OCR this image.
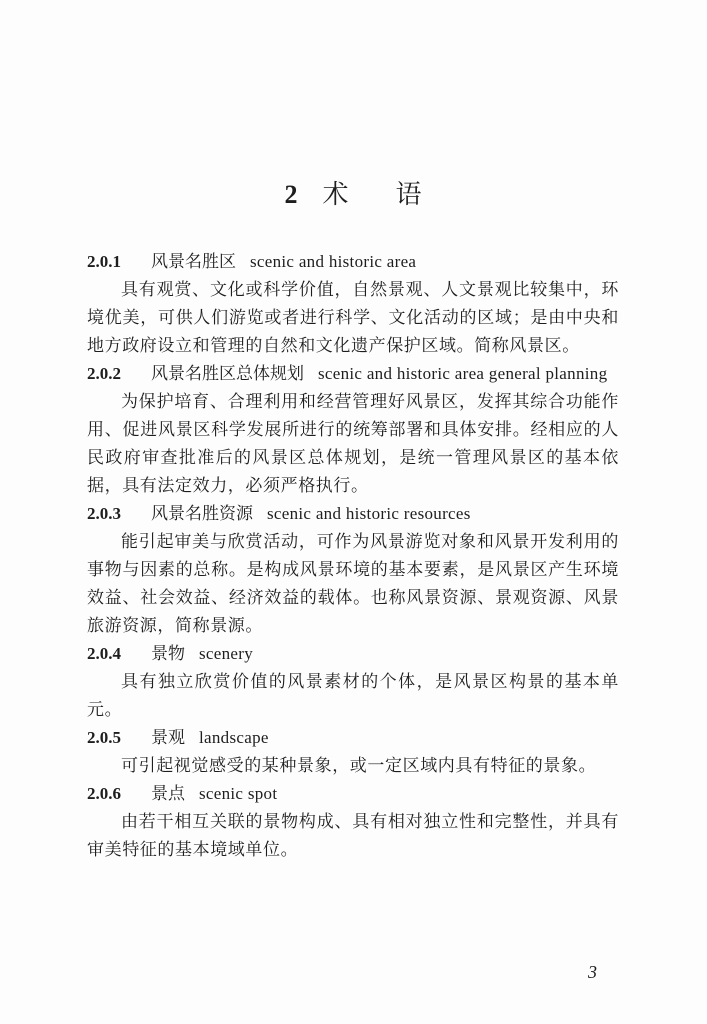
2 术 语
2.0.1 风景名胜区 scenic and historic area
具有观赏、文化或科学价值，自然景观、人文景观比较集中，环境优美，可供人们游览或者进行科学、文化活动的区域；是由中央和地方政府设立和管理的自然和文化遗产保护区域。简称风景区。
2.0.2 风景名胜区总体规划 scenic and historic area general planning
为保护培育、合理利用和经营管理好风景区，发挥其综合功能作用、促进风景区科学发展所进行的统筹部署和具体安排。经相应的人民政府审查批准后的风景区总体规划，是统一管理风景区的基本依据，具有法定效力，必须严格执行。
2.0.3 风景名胜资源 scenic and historic resources
能引起审美与欣赏活动，可作为风景游览对象和风景开发利用的事物与因素的总称。是构成风景环境的基本要素，是风景区产生环境效益、社会效益、经济效益的载体。也称风景资源、景观资源、风景旅游资源，简称景源。
2.0.4 景物 scenery
具有独立欣赏价值的风景素材的个体，是风景区构景的基本单元。
2.0.5 景观 landscape
可引起视觉感受的某种景象，或一定区域内具有特征的景象。
2.0.6 景点 scenic spot
由若干相互关联的景物构成、具有相对独立性和完整性，并具有审美特征的基本境域单位。
3
